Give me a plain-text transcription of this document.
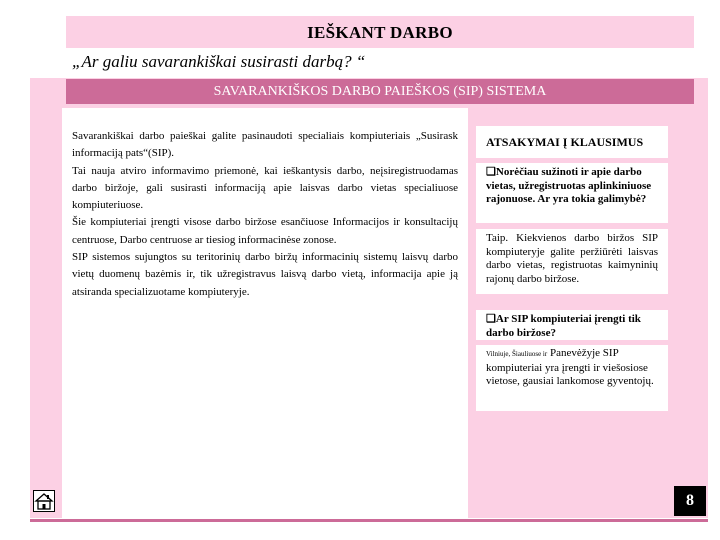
IEŠKANT DARBO
„Ar galiu savarankiškai susirasti darbą? “
SAVARANKIŠKOS DARBO PAIEŠKOS (SIP) SISTEMA

Savarankiškai darbo paieškai galite pasinaudoti specialiais kompiuteriais „Susirask informaciją pats“(SIP).

Tai nauja atviro informavimo priemonė, kai ieškantysis darbo, neįsiregistruodamas darbo biržoje, gali susirasti informaciją apie laisvas darbo vietas specialiuose kompiuteriuose.

Šie kompiuteriai įrengti visose darbo biržose esančiuose Informacijos ir konsultacijų centruose, Darbo centruose ar tiesiog informacinėse zonose.

SIP sistemos sujungtos su teritorinių darbo biržų informacinių sistemų laisvų darbo vietų duomenų bazėmis ir, tik užregistravus laisvą darbo vietą, informacija apie ją atsiranda specializuotame kompiuteryje.

ATSAKYMAI Į KLAUSIMUS
❑Norėčiau sužinoti ir apie darbo vietas, užregistruotas aplinkiniuose rajonuose. Ar yra tokia galimybė?
Taip. Kiekvienos darbo biržos SIP kompiuteryje galite peržiūrėti laisvas darbo vietas, registruotas kaimyninių rajonų darbo biržose.
❑Ar SIP kompiuteriai įrengti tik darbo biržose?
Vilniuje, Šiauliuose ir Panevėžyje SIP kompiuteriai yra įrengti ir viešosiose vietose, gausiai lankomose gyventojų.
8
